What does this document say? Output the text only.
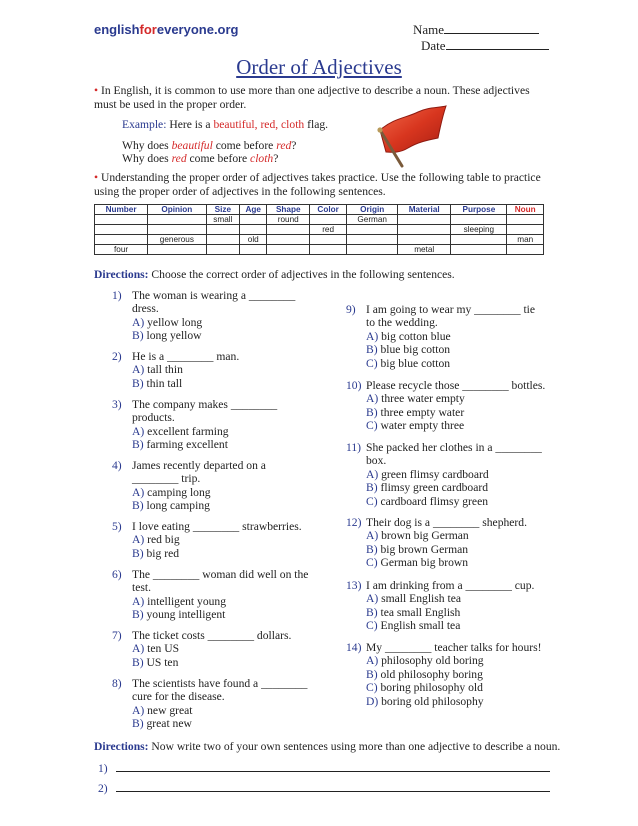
englishforeveryone.org	Name
Date
Order of Adjectives
• In English, it is common to use more than one adjective to describe a noun. These adjectives
must be used in the proper order.
Example: Here is a beautiful, red, cloth flag.
Why does beautiful come before red?
Why does red come before cloth?
• Understanding the proper order of adjectives takes practice. Use the following table to practice
using the proper order of adjectives in the following sentences.
Number	Opinion	Size	Age	Shape	Color	Origin	Material	Purpose	Noun
		small		round		German			
					red			sleeping	
	generous		old						man
four							metal		
Directions: Choose the correct order of adjectives in the following sentences.
1) The woman is wearing a ________
dress.
A) yellow long
B) long yellow
2) He is a ________ man.
A) tall thin
B) thin tall
3) The company makes ________
products.
A) excellent farming
B) farming excellent
4) James recently departed on a
________ trip.
A) camping long
B) long camping
5) I love eating ________ strawberries.
A) red big
B) big red
6) The ________ woman did well on the
test.
A) intelligent young
B) young intelligent
7) The ticket costs ________ dollars.
A) ten US
B) US ten
8) The scientists have found a ________
cure for the disease.
A) new great
B) great new
9) I am going to wear my ________ tie
to the wedding.
A) big cotton blue
B) blue big cotton
C) big blue cotton
10) Please recycle those ________ bottles.
A) three water empty
B) three empty water
C) water empty three
11) She packed her clothes in a ________
box.
A) green flimsy cardboard
B) flimsy green cardboard
C) cardboard flimsy green
12) Their dog is a ________ shepherd.
A) brown big German
B) big brown German
C) German big brown
13) I am drinking from a ________ cup.
A) small English tea
B) tea small English
C) English small tea
14) My ________ teacher talks for hours!
A) philosophy old boring
B) old philosophy boring
C) boring philosophy old
D) boring old philosophy
Directions: Now write two of your own sentences using more than one adjective to describe a noun.
1)
2)
